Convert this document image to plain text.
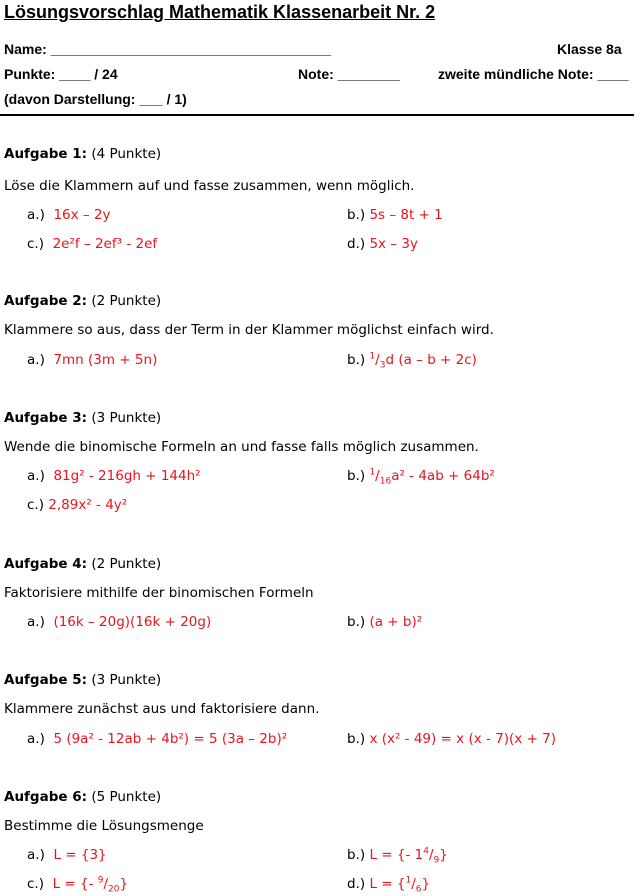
Lösungsvorschlag Mathematik Klassenarbeit Nr. 2
Name: ____________________________________	Klasse 8a
Punkte: ____ / 24	Note: ________	zweite mündliche Note: ____
(davon Darstellung: ___ / 1)
Aufgabe 1: (4 Punkte)
Löse die Klammern auf und fasse zusammen, wenn möglich.
a.) 16x – 2y	b.) 5s – 8t + 1
c.) 2e²f – 2ef³ - 2ef	d.) 5x – 3y
Aufgabe 2: (2 Punkte)
Klammere so aus, dass der Term in der Klammer möglichst einfach wird.
a.) 7mn (3m + 5n)	b.) $^1/_3d$ (a – b + 2c)
Aufgabe 3: (3 Punkte)
Wende die binomische Formeln an und fasse falls möglich zusammen.
a.) 81g² - 216gh + 144h²	b.) $^1/_{16}a^2 - 4ab + 64b^2$
c.) 2,89x² - 4y²
Aufgabe 4: (2 Punkte)
Faktorisiere mithilfe der binomischen Formeln
a.) (16k – 20g)(16k + 20g)	b.) (a + b)²
Aufgabe 5: (3 Punkte)
Klammere zunächst aus und faktorisiere dann.
a.) 5 (9a² - 12ab + 4b²) = 5 (3a – 2b)²	b.) x (x² - 49) = x (x - 7)(x + 7)
Aufgabe 6: (5 Punkte)
Bestimme die Lösungsmenge
a.) L = {3}	b.) L = {- $1^4/_9$}
c.) L = {- $^9/_{20}$}	d.) $L = \{^1/_6\}$
